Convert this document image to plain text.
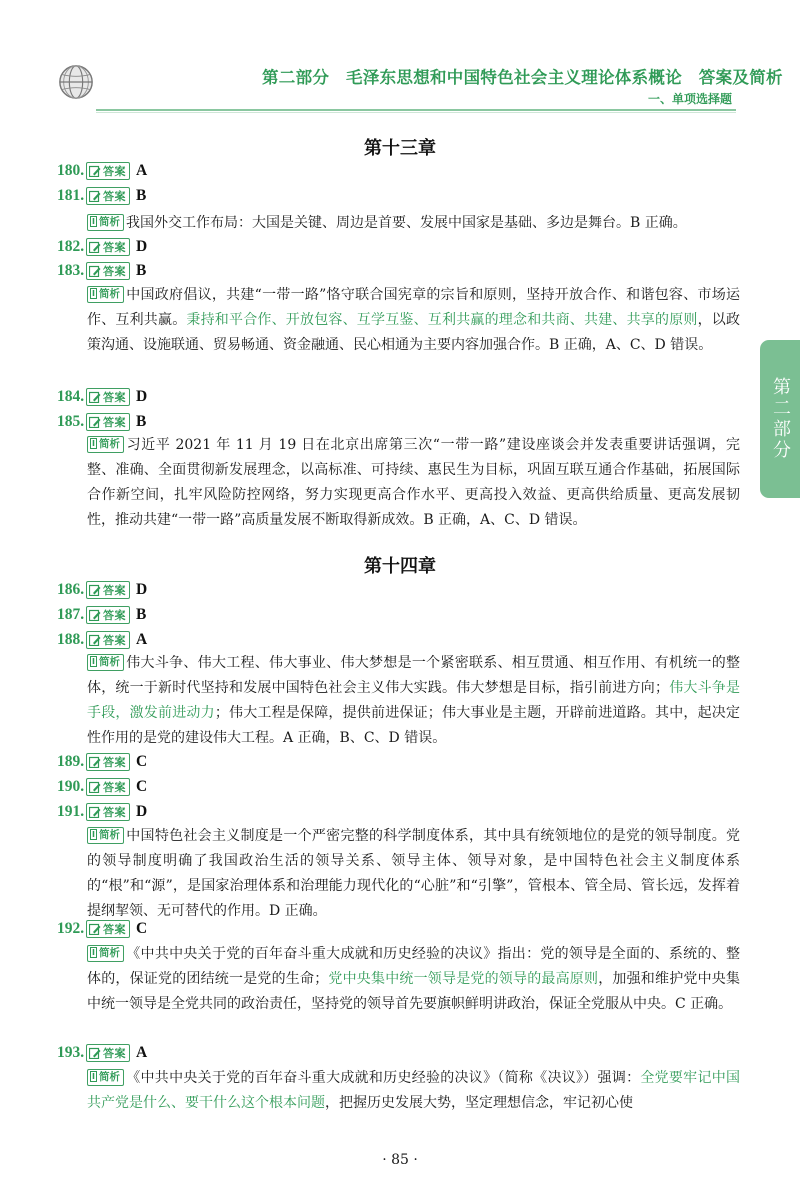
第二部分　毛泽东思想和中国特色社会主义理论体系概论　答案及简析
一、单项选择题
第二部分
第十三章
180. 答案 A
181. 答案 B
I 简析 我国外交工作布局：大国是关键、周边是首要、发展中国家是基础、多边是舞台。B 正确。
182. 答案 D
183. 答案 B
I 简析 中国政府倡议，共建“一带一路”恪守联合国宪章的宗旨和原则，坚持开放合作、和谐包容、市场运作、互利共赢。秉持和平合作、开放包容、互学互鉴、互利共赢的理念和共商、共建、共享的原则，以政策沟通、设施联通、贸易畅通、资金融通、民心相通为主要内容加强合作。B 正确，A、C、D 错误。
184. 答案 D
185. 答案 B
I 简析 习近平 2021 年 11 月 19 日在北京出席第三次“一带一路”建设座谈会并发表重要讲话强调，完整、准确、全面贯彻新发展理念，以高标准、可持续、惠民生为目标，巩固互联互通合作基础，拓展国际合作新空间，扎牢风险防控网络，努力实现更高合作水平、更高投入效益、更高供给质量、更高发展韧性，推动共建“一带一路”高质量发展不断取得新成效。B 正确，A、C、D 错误。
第十四章
186. 答案 D
187. 答案 B
188. 答案 A
I 简析 伟大斗争、伟大工程、伟大事业、伟大梦想是一个紧密联系、相互贯通、相互作用、有机统一的整体，统一于新时代坚持和发展中国特色社会主义伟大实践。伟大梦想是目标，指引前进方向；伟大斗争是手段，激发前进动力；伟大工程是保障，提供前进保证；伟大事业是主题，开辟前进道路。其中，起决定性作用的是党的建设伟大工程。A 正确，B、C、D 错误。
189. 答案 C
190. 答案 C
191. 答案 D
I 简析 中国特色社会主义制度是一个严密完整的科学制度体系，其中具有统领地位的是党的领导制度。党的领导制度明确了我国政治生活的领导关系、领导主体、领导对象，是中国特色社会主义制度体系的“根”和“源”，是国家治理体系和治理能力现代化的“心脏”和“引擎”，管根本、管全局、管长远，发挥着提纲挈领、无可替代的作用。D 正确。
192. 答案 C
I 简析 《中共中央关于党的百年奋斗重大成就和历史经验的决议》指出：党的领导是全面的、系统的、整体的，保证党的团结统一是党的生命；党中央集中统一领导是党的领导的最高原则，加强和维护党中央集中统一领导是全党共同的政治责任，坚持党的领导首先要旗帜鲜明讲政治，保证全党服从中央。C 正确。
193. 答案 A
I 简析 《中共中央关于党的百年奋斗重大成就和历史经验的决议》（简称《决议》）强调：全党要牢记中国共产党是什么、要干什么这个根本问题，把握历史发展大势，坚定理想信念，牢记初心使
· 85 ·
